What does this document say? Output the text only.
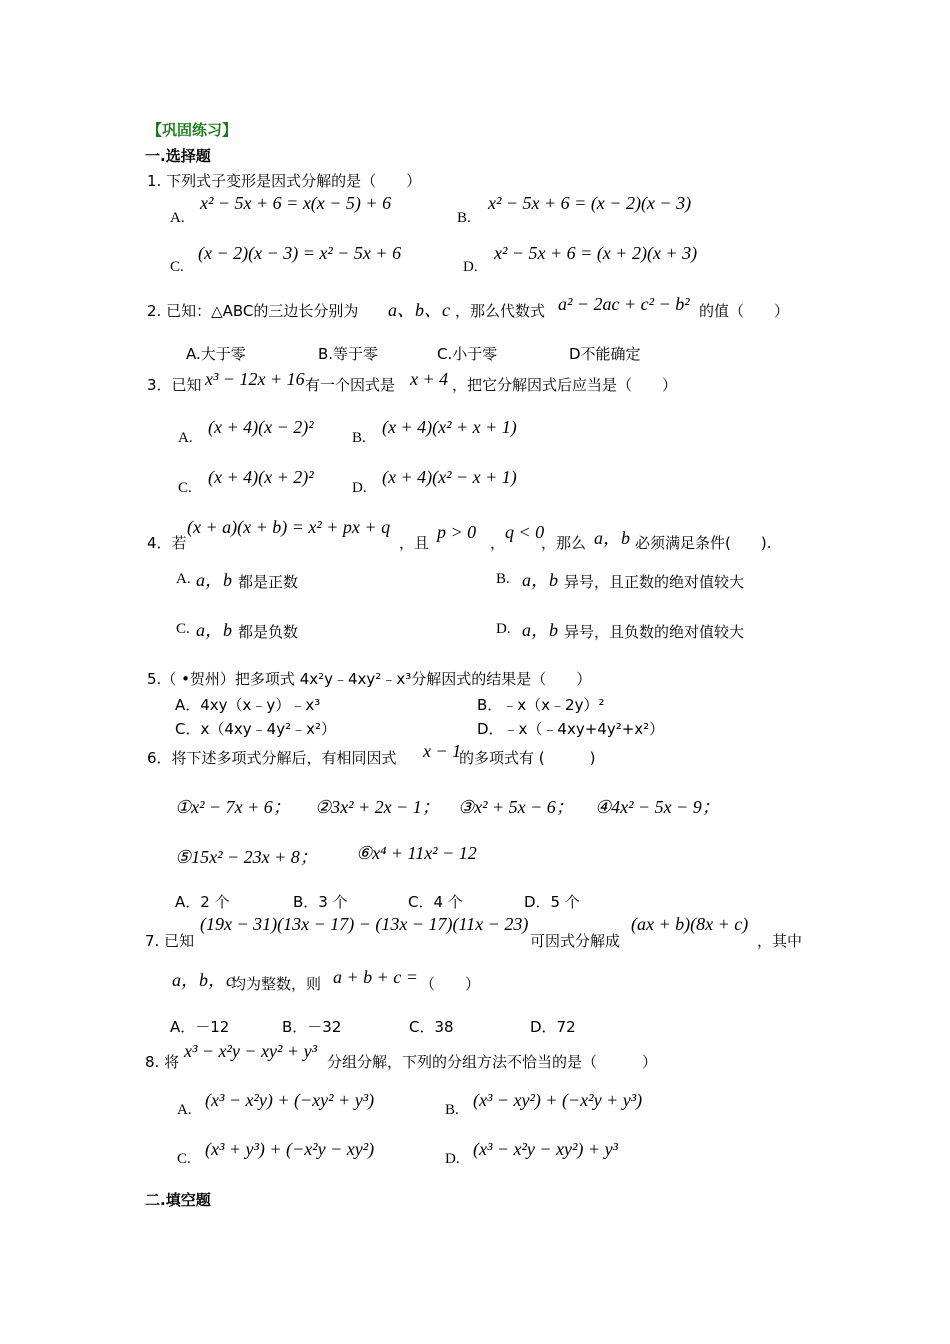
【巩固练习】
一.选择题
1. 下列式子变形是因式分解的是（　　）
A.
x² − 5x + 6 = x(x − 5) + 6
B.
x² − 5x + 6 = (x − 2)(x − 3)
C.
(x − 2)(x − 3) = x² − 5x + 6
D.
x² − 5x + 6 = (x + 2)(x + 3)
2. 已知：△ABC的三边长分别为 a、b、c ，那么代数式 a² − 2ac + c² − b² 的值（　　）
A.大于零	B.等于零	C.小于零	D不能确定
3．已知 x³ − 12x + 16 有一个因式是 x + 4 ，把它分解因式后应当是（　　）
A.
(x + 4)(x − 2)²
B.
(x + 4)(x² + x + 1)
C.
(x + 4)(x + 2)²
D.
(x + 4)(x² − x + 1)
4．若
(x + a)(x + b) = x² + px + q
，且
p > 0
，
q < 0
，那么 a，b 必须满足条件(　　).
A. a，b 都是正数	B. a，b 异号，且正数的绝对值较大
C. a，b 都是负数	D. a，b 异号，且负数的绝对值较大
5.（ •贺州）把多项式 4x²y﹣4xy²﹣x³分解因式的结果是（　　）
A．4xy（x﹣y）﹣x³	B．﹣x（x﹣2y）²
C．x（4xy﹣4y²﹣x²）	D．﹣x（﹣4xy+4y²+x²）
6．将下述多项式分解后，有相同因式 x − 1
的多项式有 (　　　)
①x² − 7x + 6； ②3x² + 2x − 1； ③x² + 5x − 6； ④4x² − 5x − 9；
⑤15x² − 23x + 8； ⑥x⁴ + 11x² − 12
A．2 个	B．3 个	C．4 个	D．5 个
7. 已知
(19x − 31)(13x − 17) − (13x − 17)(11x − 23)
可因式分解成
(ax + b)(8x + c)
，其中
a，b，c
均为整数，则 a + b + c = （　　）
A．－12	B．－32	C．38	D．72
8. 将
x³ − x²y − xy² + y³
分组分解，下列的分组方法不恰当的是（　　　）
A. (x³ − x²y) + (−xy² + y³)	B. (x³ − xy²) + (−x²y + y³)
C. (x³ + y³) + (−x²y − xy²)	D. (x³ − x²y − xy²) + y³
二.填空题
